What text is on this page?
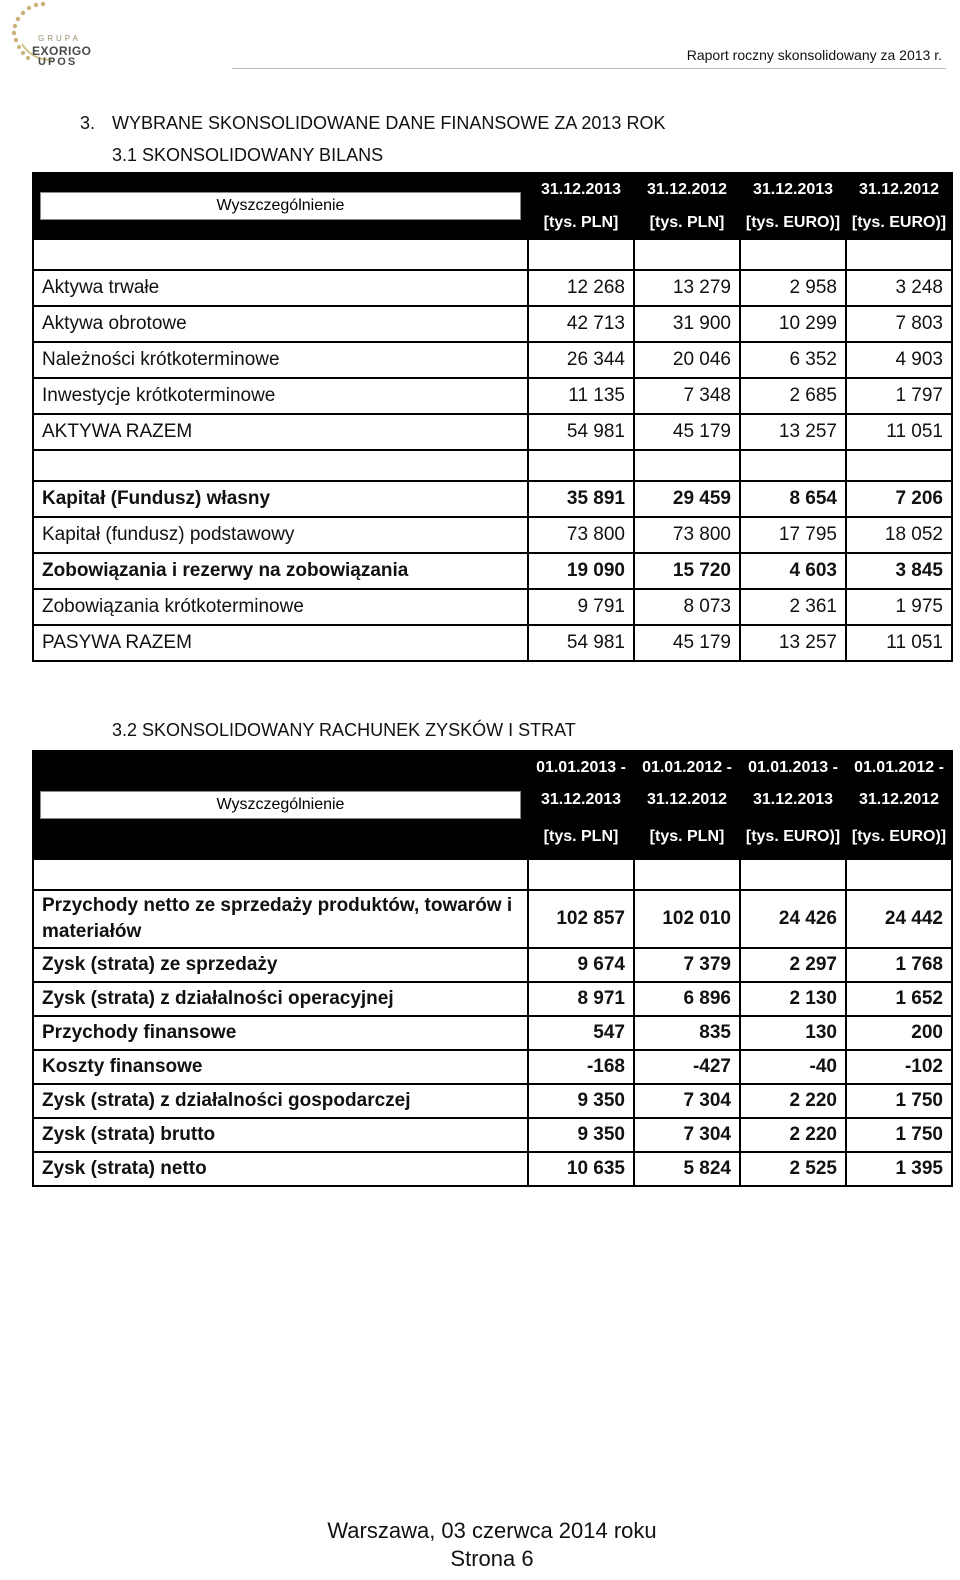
GRUPA
EXORIGO
UPOS	Raport roczny skonsolidowany za 2013 r.
3. WYBRANE SKONSOLIDOWANE DANE FINANSOWE ZA 2013 ROK
3.1 SKONSOLIDOWANY BILANS
Wyszczególnienie	31.12.2013	31.12.2012	31.12.2013	31.12.2012
	[tys. PLN]	[tys. PLN]	[tys. EURO)]	[tys. EURO)]

Aktywa trwałe	12 268	13 279	2 958	3 248
Aktywa obrotowe	42 713	31 900	10 299	7 803
Należności krótkoterminowe	26 344	20 046	6 352	4 903
Inwestycje krótkoterminowe	11 135	7 348	2 685	1 797
AKTYWA RAZEM	54 981	45 179	13 257	11 051

Kapitał (Fundusz) własny	35 891	29 459	8 654	7 206
Kapitał (fundusz) podstawowy	73 800	73 800	17 795	18 052
Zobowiązania i rezerwy na zobowiązania	19 090	15 720	4 603	3 845
Zobowiązania krótkoterminowe	9 791	8 073	2 361	1 975
PASYWA RAZEM	54 981	45 179	13 257	11 051
3.2 SKONSOLIDOWANY RACHUNEK ZYSKÓW I STRAT
Wyszczególnienie	01.01.2013 -	01.01.2012 -	01.01.2013 -	01.01.2012 -
	31.12.2013	31.12.2012	31.12.2013	31.12.2012
	[tys. PLN]	[tys. PLN]	[tys. EURO)]	[tys. EURO)]

Przychody netto ze sprzedaży produktów, towarów i
materiałów	102 857	102 010	24 426	24 442
Zysk (strata) ze sprzedaży	9 674	7 379	2 297	1 768
Zysk (strata) z działalności operacyjnej	8 971	6 896	2 130	1 652
Przychody finansowe	547	835	130	200
Koszty finansowe	-168	-427	-40	-102
Zysk (strata) z działalności gospodarczej	9 350	7 304	2 220	1 750
Zysk (strata) brutto	9 350	7 304	2 220	1 750
Zysk (strata) netto	10 635	5 824	2 525	1 395
Warszawa, 03 czerwca 2014 roku
Strona 6
